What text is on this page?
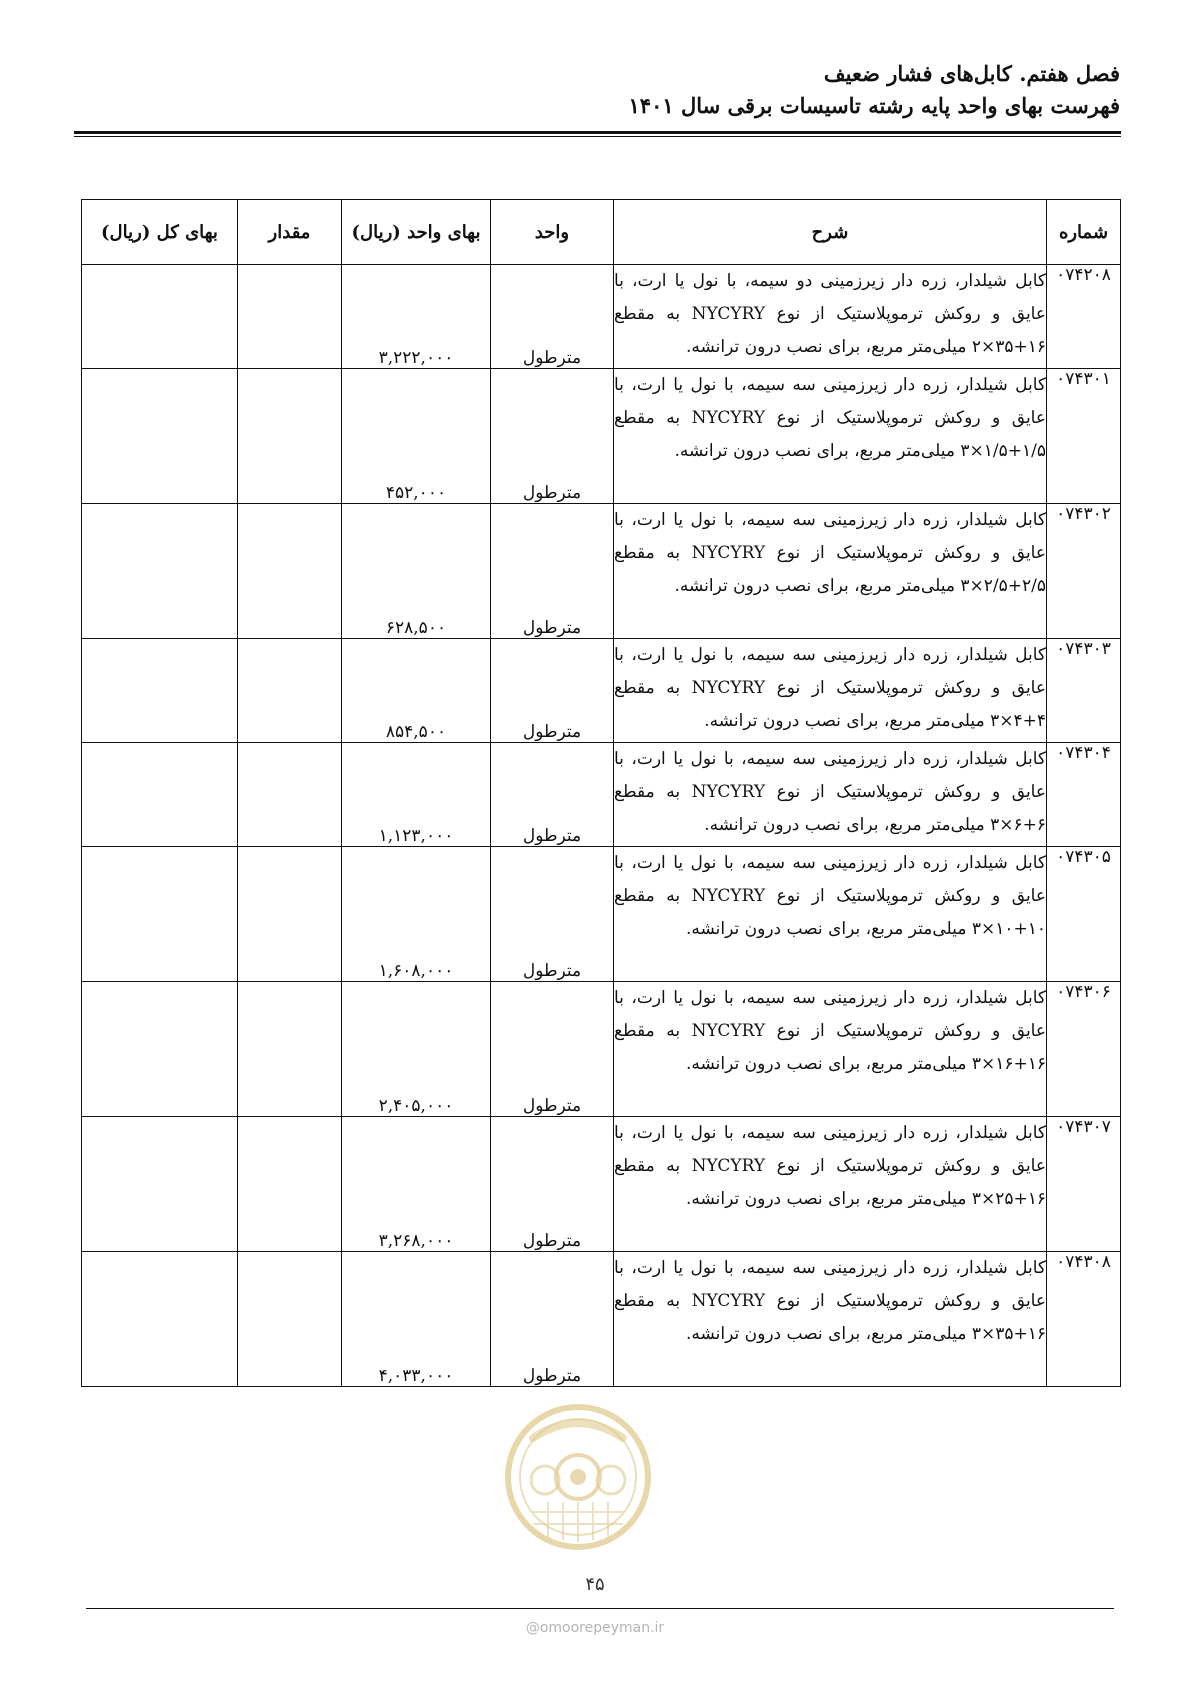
فصل هفتم. کابل‌های فشار ضعیف
فهرست بهای واحد پایه رشته تاسیسات برقی سال ۱۴۰۱
شماره	شرح	واحد	بهای واحد (ریال)	مقدار	بهای کل (ریال)
۰۷۴۲۰۸	کابل شیلدار، زره دار زیرزمینی دو سیمه، با نول یا ارت، با عایق و روکش ترموپلاستیک از نوع NYCYRY به مقطع ۱۶+۳۵×۲ میلی‌متر مربع، برای نصب درون ترانشه.	مترطول	۳,۲۲۲,۰۰۰		
۰۷۴۳۰۱	کابل شیلدار، زره دار زیرزمینی سه سیمه، با نول یا ارت، با عایق و روکش ترموپلاستیک از نوع NYCYRY به مقطع ۱/۵+۱/۵×۳ میلی‌متر مربع، برای نصب درون ترانشه.	مترطول	۴۵۲,۰۰۰		
۰۷۴۳۰۲	کابل شیلدار، زره دار زیرزمینی سه سیمه، با نول یا ارت، با عایق و روکش ترموپلاستیک از نوع NYCYRY به مقطع ۲/۵+۲/۵×۳ میلی‌متر مربع، برای نصب درون ترانشه.	مترطول	۶۲۸,۵۰۰		
۰۷۴۳۰۳	کابل شیلدار، زره دار زیرزمینی سه سیمه، با نول یا ارت، با عایق و روکش ترموپلاستیک از نوع NYCYRY به مقطع ۴+۴×۳ میلی‌متر مربع، برای نصب درون ترانشه.	مترطول	۸۵۴,۵۰۰		
۰۷۴۳۰۴	کابل شیلدار، زره دار زیرزمینی سه سیمه، با نول یا ارت، با عایق و روکش ترموپلاستیک از نوع NYCYRY به مقطع ۶+۶×۳ میلی‌متر مربع، برای نصب درون ترانشه.	مترطول	۱,۱۲۳,۰۰۰		
۰۷۴۳۰۵	کابل شیلدار، زره دار زیرزمینی سه سیمه، با نول یا ارت، با عایق و روکش ترموپلاستیک از نوع NYCYRY به مقطع ۱۰+۱۰×۳ میلی‌متر مربع، برای نصب درون ترانشه.	مترطول	۱,۶۰۸,۰۰۰		
۰۷۴۳۰۶	کابل شیلدار، زره دار زیرزمینی سه سیمه، با نول یا ارت، با عایق و روکش ترموپلاستیک از نوع NYCYRY به مقطع ۱۶+۱۶×۳ میلی‌متر مربع، برای نصب درون ترانشه.	مترطول	۲,۴۰۵,۰۰۰		
۰۷۴۳۰۷	کابل شیلدار، زره دار زیرزمینی سه سیمه، با نول یا ارت، با عایق و روکش ترموپلاستیک از نوع NYCYRY به مقطع ۱۶+۲۵×۳ میلی‌متر مربع، برای نصب درون ترانشه.	مترطول	۳,۲۶۸,۰۰۰		
۰۷۴۳۰۸	کابل شیلدار، زره دار زیرزمینی سه سیمه، با نول یا ارت، با عایق و روکش ترموپلاستیک از نوع NYCYRY به مقطع ۱۶+۳۵×۳ میلی‌متر مربع، برای نصب درون ترانشه.	مترطول	۴,۰۳۳,۰۰۰		
۴۵
@omoorepeyman.ir
